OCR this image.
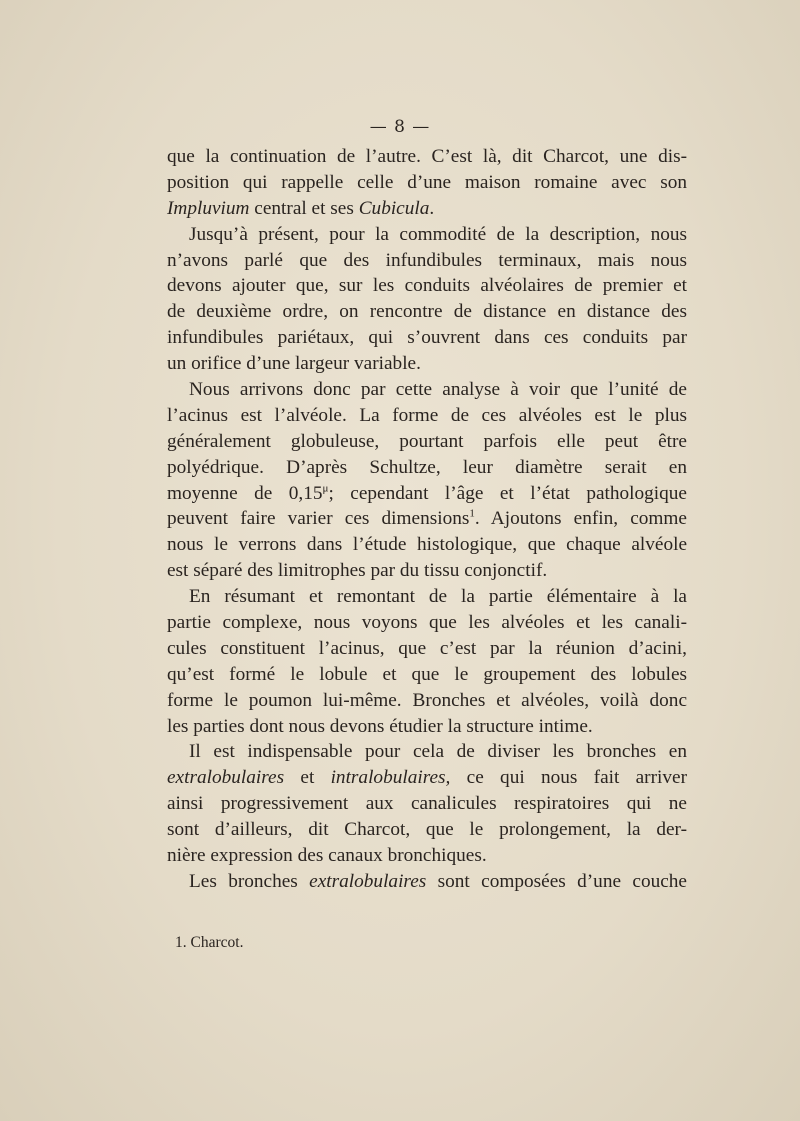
— 8 —
que la continuation de l’autre. C’est là, dit Charcot, une dis-
position qui rappelle celle d’une maison romaine avec son
Impluvium central et ses Cubicula.
Jusqu’à présent, pour la commodité de la description, nous
n’avons parlé que des infundibules terminaux, mais nous
devons ajouter que, sur les conduits alvéolaires de premier et
de deuxième ordre, on rencontre de distance en distance des
infundibules pariétaux, qui s’ouvrent dans ces conduits par
un orifice d’une largeur variable.
Nous arrivons donc par cette analyse à voir que l’unité de
l’acinus est l’alvéole. La forme de ces alvéoles est le plus
généralement globuleuse, pourtant parfois elle peut être
polyédrique. D’après Schultze, leur diamètre serait en
moyenne de $0,15^\mu$; cependant l’âge et l’état pathologique
peuvent faire varier ces dimensions$^1$. Ajoutons enfin, comme
nous le verrons dans l’étude histologique, que chaque alvéole
est séparé des limitrophes par du tissu conjonctif.
En résumant et remontant de la partie élémentaire à la
partie complexe, nous voyons que les alvéoles et les canali-
cules constituent l’acinus, que c’est par la réunion d’acini,
qu’est formé le lobule et que le groupement des lobules
forme le poumon lui-même. Bronches et alvéoles, voilà donc
les parties dont nous devons étudier la structure intime.
Il est indispensable pour cela de diviser les bronches en
extralobulaires et intralobulaires, ce qui nous fait arriver
ainsi progressivement aux canalicules respiratoires qui ne
sont d’ailleurs, dit Charcot, que le prolongement, la der-
nière expression des canaux bronchiques.
Les bronches extralobulaires sont composées d’une couche
1. Charcot.
